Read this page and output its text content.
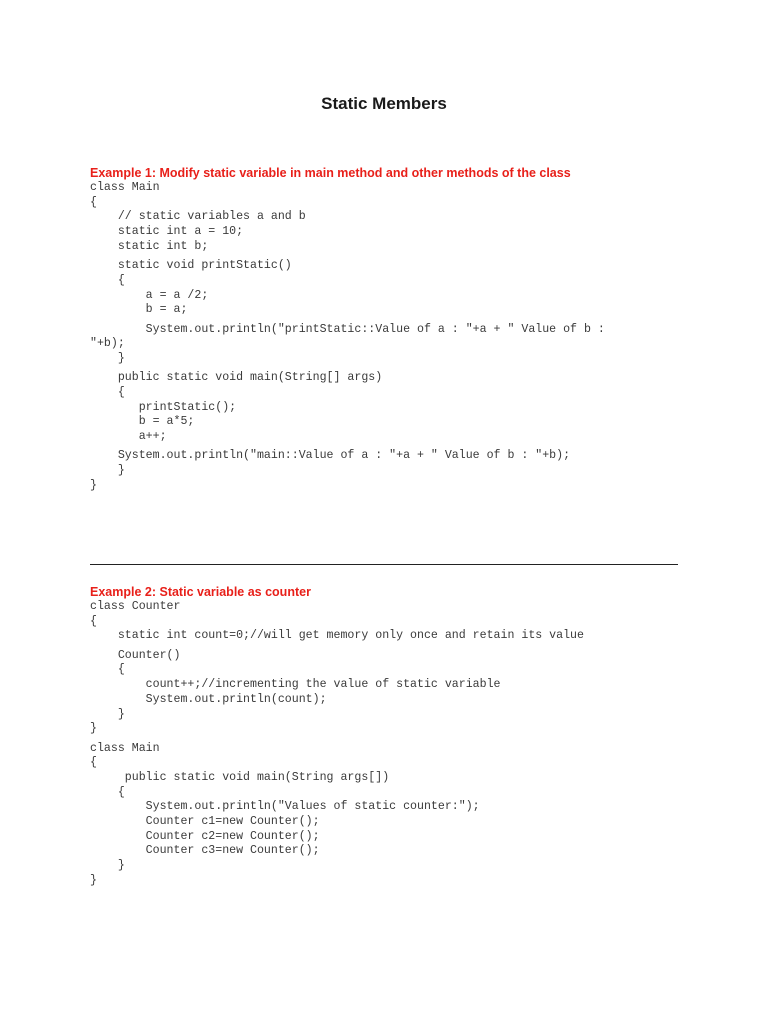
Static Members
Example 1: Modify static variable in main method and other methods of the class
class Main
{
// static variables a and b
static int a = 10;
static int b;
static void printStatic()
{
a = a /2;
b = a;
System.out.println("printStatic::Value of a : "+a + " Value of b :
"+b);
}
public static void main(String[] args)
{
printStatic();
b = a*5;
a++;
System.out.println("main::Value of a : "+a + " Value of b : "+b);
}
}
Example 2: Static variable as counter
class Counter
{
static int count=0;//will get memory only once and retain its value
Counter()
{
count++;//incrementing the value of static variable
System.out.println(count);
}
}
class Main
{
public static void main(String args[])
{
System.out.println("Values of static counter:");
Counter c1=new Counter();
Counter c2=new Counter();
Counter c3=new Counter();
}
}
